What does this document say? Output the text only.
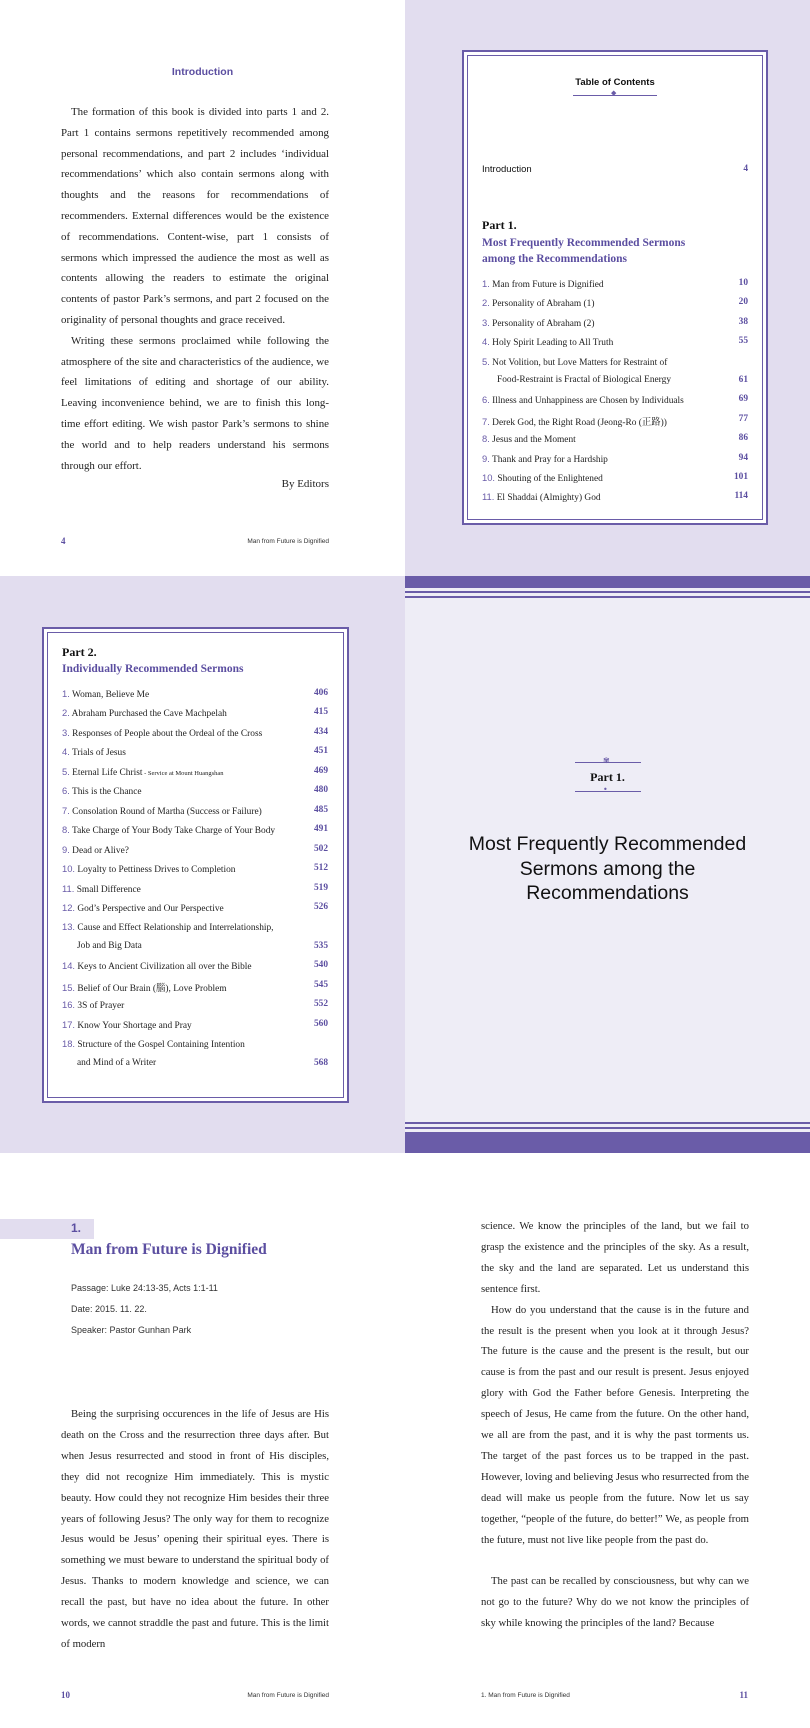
Introduction

The formation of this book is divided into parts 1 and 2. Part 1 contains sermons repetitively recommended among personal recommendations, and part 2 includes ‘individual recommendations’ which also contain sermons along with thoughts and the reasons for recommendations of recommenders. External differences would be the existence of recommendations. Content-wise, part 1 consists of sermons which impressed the audience the most as well as contents allowing the readers to estimate the original contents of pastor Park’s sermons, and part 2 focused on the originality of personal thoughts and grace received.

Writing these sermons proclaimed while following the atmosphere of the site and characteristics of the audience, we feel limitations of editing and shortage of our ability. Leaving inconvenience behind, we are to finish this long-time effort editing. We wish pastor Park’s sermons to shine the world and to help readers understand his sermons through our effort.

By Editors
4	Man from Future is Dignified
Table of Contents
◆
Introduction	4
Part 1.
Most Frequently Recommended Sermons
among the Recommendations
1. Man from Future is Dignified	10
2. Personality of Abraham (1)	20
3. Personality of Abraham (2)	38
4. Holy Spirit Leading to All Truth	55
5. Not Volition, but Love Matters for Restraint of
Food-Restraint is Fractal of Biological Energy	61
6. Illness and Unhappiness are Chosen by Individuals	69
7. Derek God, the Right Road (Jeong-Ro (正路))	77
8. Jesus and the Moment	86
9. Thank and Pray for a Hardship	94
10. Shouting of the Enlightened	101
11. El Shaddai (Almighty) God	114
Part 2.
Individually Recommended Sermons
1. Woman, Believe Me	406
2. Abraham Purchased the Cave Machpelah	415
3. Responses of People about the Ordeal of the Cross	434
4. Trials of Jesus	451
5. Eternal Life Christ - Service at Mount Huangshan	469
6. This is the Chance	480
7. Consolation Round of Martha (Success or Failure)	485
8. Take Charge of Your Body Take Charge of Your Body	491
9. Dead or Alive?	502
10. Loyalty to Pettiness Drives to Completion	512
11. Small Difference	519
12. God’s Perspective and Our Perspective	526
13. Cause and Effect Relationship and Interrelationship,
Job and Big Data	535
14. Keys to Ancient Civilization all over the Bible	540
15. Belief of Our Brain (腦), Love Problem	545
16. 3S of Prayer	552
17. Know Your Shortage and Pray	560
18. Structure of the Gospel Containing Intention
and Mind of a Writer	568
✾
Part 1.
•
Most Frequently Recommended
Sermons among the
Recommendations
1.
Man from Future is Dignified
Passage: Luke 24:13-35, Acts 1:1-11
Date: 2015. 11. 22.
Speaker: Pastor Gunhan Park

Being the surprising occurences in the life of Jesus are His death on the Cross and the resurrection three days after. But when Jesus resurrected and stood in front of His disciples, they did not recognize Him immediately. This is mystic beauty. How could they not recognize Him besides their three years of following Jesus? The only way for them to recognize Jesus would be Jesus’ opening their spiritual eyes. There is something we must beware to understand the spiritual body of Jesus. Thanks to modern knowledge and science, we can recall the past, but have no idea about the future. In other words, we cannot straddle the past and future. This is the limit of modern

10	Man from Future is Dignified

science. We know the principles of the land, but we fail to grasp the existence and the principles of the sky. As a result, the sky and the land are separated. Let us understand this sentence first.

How do you understand that the cause is in the future and the result is the present when you look at it through Jesus? The future is the cause and the present is the result, but our cause is from the past and our result is present. Jesus enjoyed glory with God the Father before Genesis. Interpreting the speech of Jesus, He came from the future. On the other hand, we all are from the past, and it is why the past torments us. The target of the past forces us to be trapped in the past. However, loving and believing Jesus who resurrected from the dead will make us people from the future. Now let us say together, “people of the future, do better!” We, as people from the future, must not live like people from the past do.

The past can be recalled by consciousness, but why can we not go to the future? Why do we not know the principles of sky while knowing the principles of the land? Because

1. Man from Future is Dignified	11
